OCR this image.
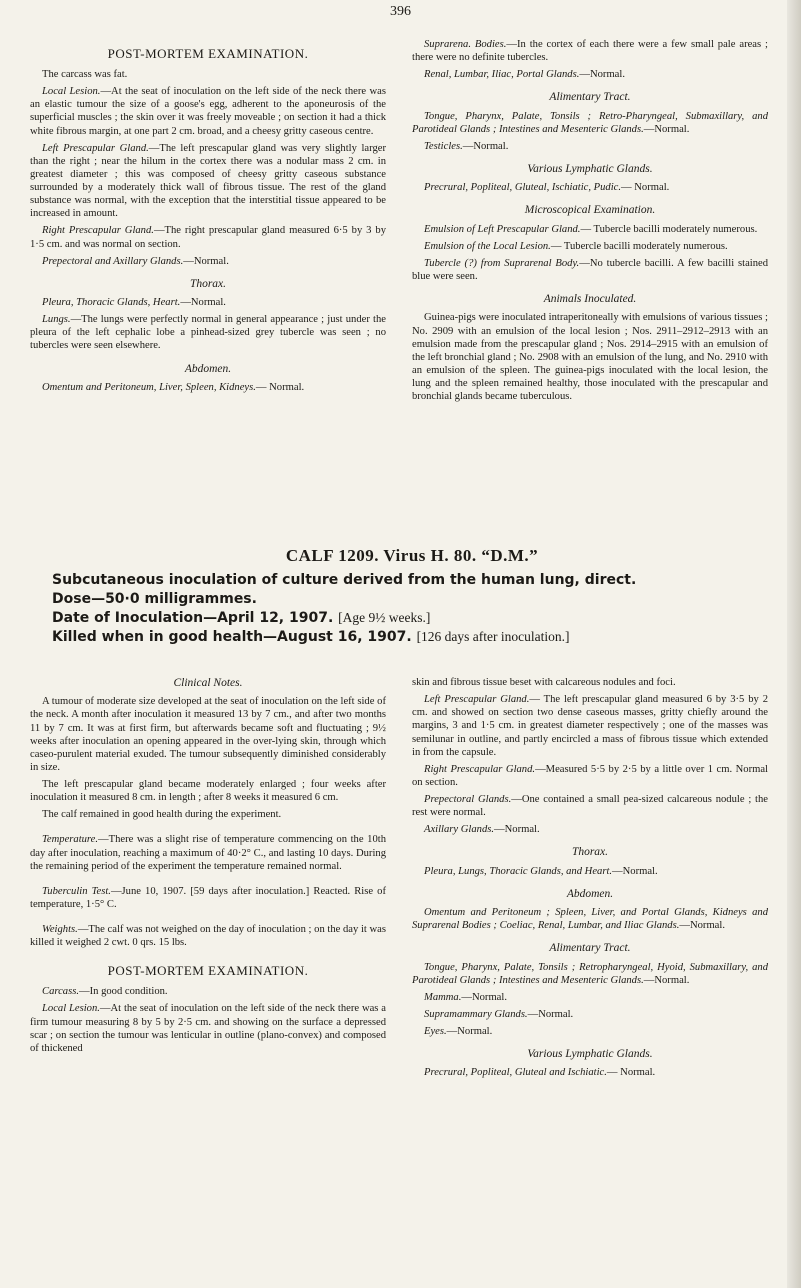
396
POST-MORTEM EXAMINATION.

The carcass was fat.

Local Lesion.—At the seat of inoculation on the left side of the neck there was an elastic tumour the size of a goose's egg, adherent to the aponeurosis of the superficial muscles ; the skin over it was freely moveable ; on section it had a thick white fibrous margin, at one part 2 cm. broad, and a cheesy gritty caseous centre.

Left Prescapular Gland.—The left prescapular gland was very slightly larger than the right ; near the hilum in the cortex there was a nodular mass 2 cm. in greatest diameter ; this was composed of cheesy gritty caseous substance surrounded by a moderately thick wall of fibrous tissue. The rest of the gland substance was normal, with the exception that the interstitial tissue appeared to be increased in amount.

Right Prescapular Gland.—The right prescapular gland measured 6·5 by 3 by 1·5 cm. and was normal on section.

Prepectoral and Axillary Glands.—Normal.

Thorax.

Pleura, Thoracic Glands, Heart.—Normal.

Lungs.—The lungs were perfectly normal in general appearance ; just under the pleura of the left cephalic lobe a pinhead-sized grey tubercle was seen ; no tubercles were seen elsewhere.

Abdomen.

Omentum and Peritoneum, Liver, Spleen, Kidneys.— Normal.

Suprarena. Bodies.—In the cortex of each there were a few small pale areas ; there were no definite tubercles.

Renal, Lumbar, Iliac, Portal Glands.—Normal.

Alimentary Tract.

Tongue, Pharynx, Palate, Tonsils ; Retro-Pharyngeal, Submaxillary, and Parotideal Glands ; Intestines and Mesenteric Glands.—Normal.

Testicles.—Normal.

Various Lymphatic Glands.

Precrural, Popliteal, Gluteal, Ischiatic, Pudic.— Normal.

Microscopical Examination.

Emulsion of Left Prescapular Gland.— Tubercle bacilli moderately numerous.

Emulsion of the Local Lesion.— Tubercle bacilli moderately numerous.

Tubercle (?) from Suprarenal Body.—No tubercle bacilli. A few bacilli stained blue were seen.

Animals Inoculated.

Guinea-pigs were inoculated intraperitoneally with emulsions of various tissues ; No. 2909 with an emulsion of the local lesion ; Nos. 2911–2912–2913 with an emulsion made from the prescapular gland ; Nos. 2914–2915 with an emulsion of the left bronchial gland ; No. 2908 with an emulsion of the lung, and No. 2910 with an emulsion of the spleen. The guinea-pigs inoculated with the local lesion, the lung and the spleen remained healthy, those inoculated with the prescapular and bronchial glands became tuberculous.

CALF 1209. Virus H. 80. “D.M.”
Subcutaneous inoculation of culture derived from the human lung, direct.
Dose—50·0 milligrammes.
Date of Inoculation—April 12, 1907. [Age 9½ weeks.]
Killed when in good health—August 16, 1907. [126 days after inoculation.]
Clinical Notes.

A tumour of moderate size developed at the seat of inoculation on the left side of the neck. A month after inoculation it measured 13 by 7 cm., and after two months 11 by 7 cm. It was at first firm, but afterwards became soft and fluctuating ; 9½ weeks after inoculation an opening appeared in the over-lying skin, through which caseo-purulent material exuded. The tumour subsequently diminished considerably in size.

The left prescapular gland became moderately enlarged ; four weeks after inoculation it measured 8 cm. in length ; after 8 weeks it measured 6 cm.

The calf remained in good health during the experiment.

Temperature.—There was a slight rise of temperature commencing on the 10th day after inoculation, reaching a maximum of 40·2° C., and lasting 10 days. During the remaining period of the experiment the temperature remained normal.

Tuberculin Test.—June 10, 1907. [59 days after inoculation.] Reacted. Rise of temperature, 1·5° C.

Weights.—The calf was not weighed on the day of inoculation ; on the day it was killed it weighed 2 cwt. 0 qrs. 15 lbs.

POST-MORTEM EXAMINATION.

Carcass.—In good condition.

Local Lesion.—At the seat of inoculation on the left side of the neck there was a firm tumour measuring 8 by 5 by 2·5 cm. and showing on the surface a depressed scar ; on section the tumour was lenticular in outline (plano-convex) and composed of thickened

skin and fibrous tissue beset with calcareous nodules and foci.

Left Prescapular Gland.— The left prescapular gland measured 6 by 3·5 by 2 cm. and showed on section two dense caseous masses, gritty chiefly around the margins, 3 and 1·5 cm. in greatest diameter respectively ; one of the masses was semilunar in outline, and partly encircled a mass of fibrous tissue which extended in from the capsule.

Right Prescapular Gland.—Measured 5·5 by 2·5 by a little over 1 cm. Normal on section.

Prepectoral Glands.—One contained a small pea-sized calcareous nodule ; the rest were normal.

Axillary Glands.—Normal.

Thorax.

Pleura, Lungs, Thoracic Glands, and Heart.—Normal.

Abdomen.

Omentum and Peritoneum ; Spleen, Liver, and Portal Glands, Kidneys and Suprarenal Bodies ; Coeliac, Renal, Lumbar, and Iliac Glands.—Normal.

Alimentary Tract.

Tongue, Pharynx, Palate, Tonsils ; Retropharyngeal, Hyoid, Submaxillary, and Parotideal Glands ; Intestines and Mesenteric Glands.—Normal.

Mamma.—Normal.

Supramammary Glands.—Normal.

Eyes.—Normal.

Various Lymphatic Glands.

Precrural, Popliteal, Gluteal and Ischiatic.— Normal.
